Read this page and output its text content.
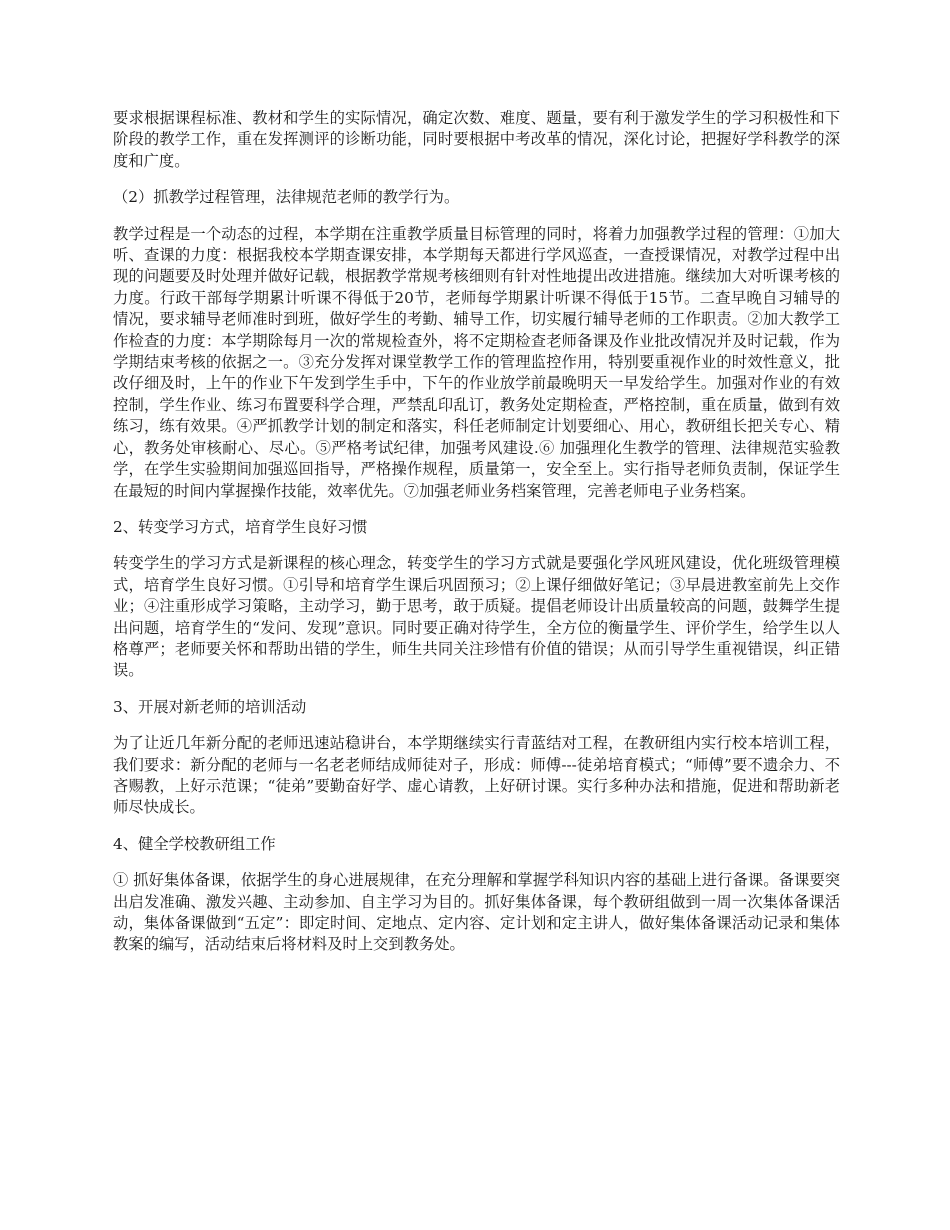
要求根据课程标准、教材和学生的实际情况，确定次数、难度、题量，要有利于激发学生的学习积极性和下阶段的教学工作，重在发挥测评的诊断功能，同时要根据中考改革的情况，深化讨论，把握好学科教学的深度和广度。

（2）抓教学过程管理，法律规范老师的教学行为。

教学过程是一个动态的过程，本学期在注重教学质量目标管理的同时，将着力加强教学过程的管理：①加大听、查课的力度：根据我校本学期查课安排，本学期每天都进行学风巡查，一查授课情况，对教学过程中出现的问题要及时处理并做好记载，根据教学常规考核细则有针对性地提出改进措施。继续加大对听课考核的力度。行政干部每学期累计听课不得低于20节，老师每学期累计听课不得低于15节。二查早晚自习辅导的情况，要求辅导老师准时到班，做好学生的考勤、辅导工作，切实履行辅导老师的工作职责。②加大教学工作检查的力度：本学期除每月一次的常规检查外，将不定期检查老师备课及作业批改情况并及时记载，作为学期结束考核的依据之一。③充分发挥对课堂教学工作的管理监控作用，特别要重视作业的时效性意义，批改仔细及时，上午的作业下午发到学生手中，下午的作业放学前最晚明天一早发给学生。加强对作业的有效控制，学生作业、练习布置要科学合理，严禁乱印乱订，教务处定期检查，严格控制，重在质量，做到有效练习，练有效果。④严抓教学计划的制定和落实，科任老师制定计划要细心、用心，教研组长把关专心、精心，教务处审核耐心、尽心。⑤严格考试纪律，加强考风建设.⑥ 加强理化生教学的管理、法律规范实验教学，在学生实验期间加强巡回指导，严格操作规程，质量第一，安全至上。实行指导老师负责制，保证学生在最短的时间内掌握操作技能，效率优先。⑦加强老师业务档案管理，完善老师电子业务档案。

2、转变学习方式，培育学生良好习惯

转变学生的学习方式是新课程的核心理念，转变学生的学习方式就是要强化学风班风建设，优化班级管理模式，培育学生良好习惯。①引导和培育学生课后巩固预习；②上课仔细做好笔记；③早晨进教室前先上交作业；④注重形成学习策略，主动学习，勤于思考，敢于质疑。提倡老师设计出质量较高的问题，鼓舞学生提出问题，培育学生的“发问、发现”意识。同时要正确对待学生，全方位的衡量学生、评价学生，给学生以人格尊严；老师要关怀和帮助出错的学生，师生共同关注珍惜有价值的错误；从而引导学生重视错误，纠正错误。

3、开展对新老师的培训活动

为了让近几年新分配的老师迅速站稳讲台，本学期继续实行青蓝结对工程，在教研组内实行校本培训工程，我们要求：新分配的老师与一名老老师结成师徒对子，形成：师傅---徒弟培育模式；“师傅”要不遗余力、不吝赐教，上好示范课；“徒弟”要勤奋好学、虚心请教，上好研讨课。实行多种办法和措施，促进和帮助新老师尽快成长。

4、健全学校教研组工作

① 抓好集体备课，依据学生的身心进展规律，在充分理解和掌握学科知识内容的基础上进行备课。备课要突出启发准确、激发兴趣、主动参加、自主学习为目的。抓好集体备课，每个教研组做到一周一次集体备课活动，集体备课做到“五定”：即定时间、定地点、定内容、定计划和定主讲人，做好集体备课活动记录和集体教案的编写，活动结束后将材料及时上交到教务处。
